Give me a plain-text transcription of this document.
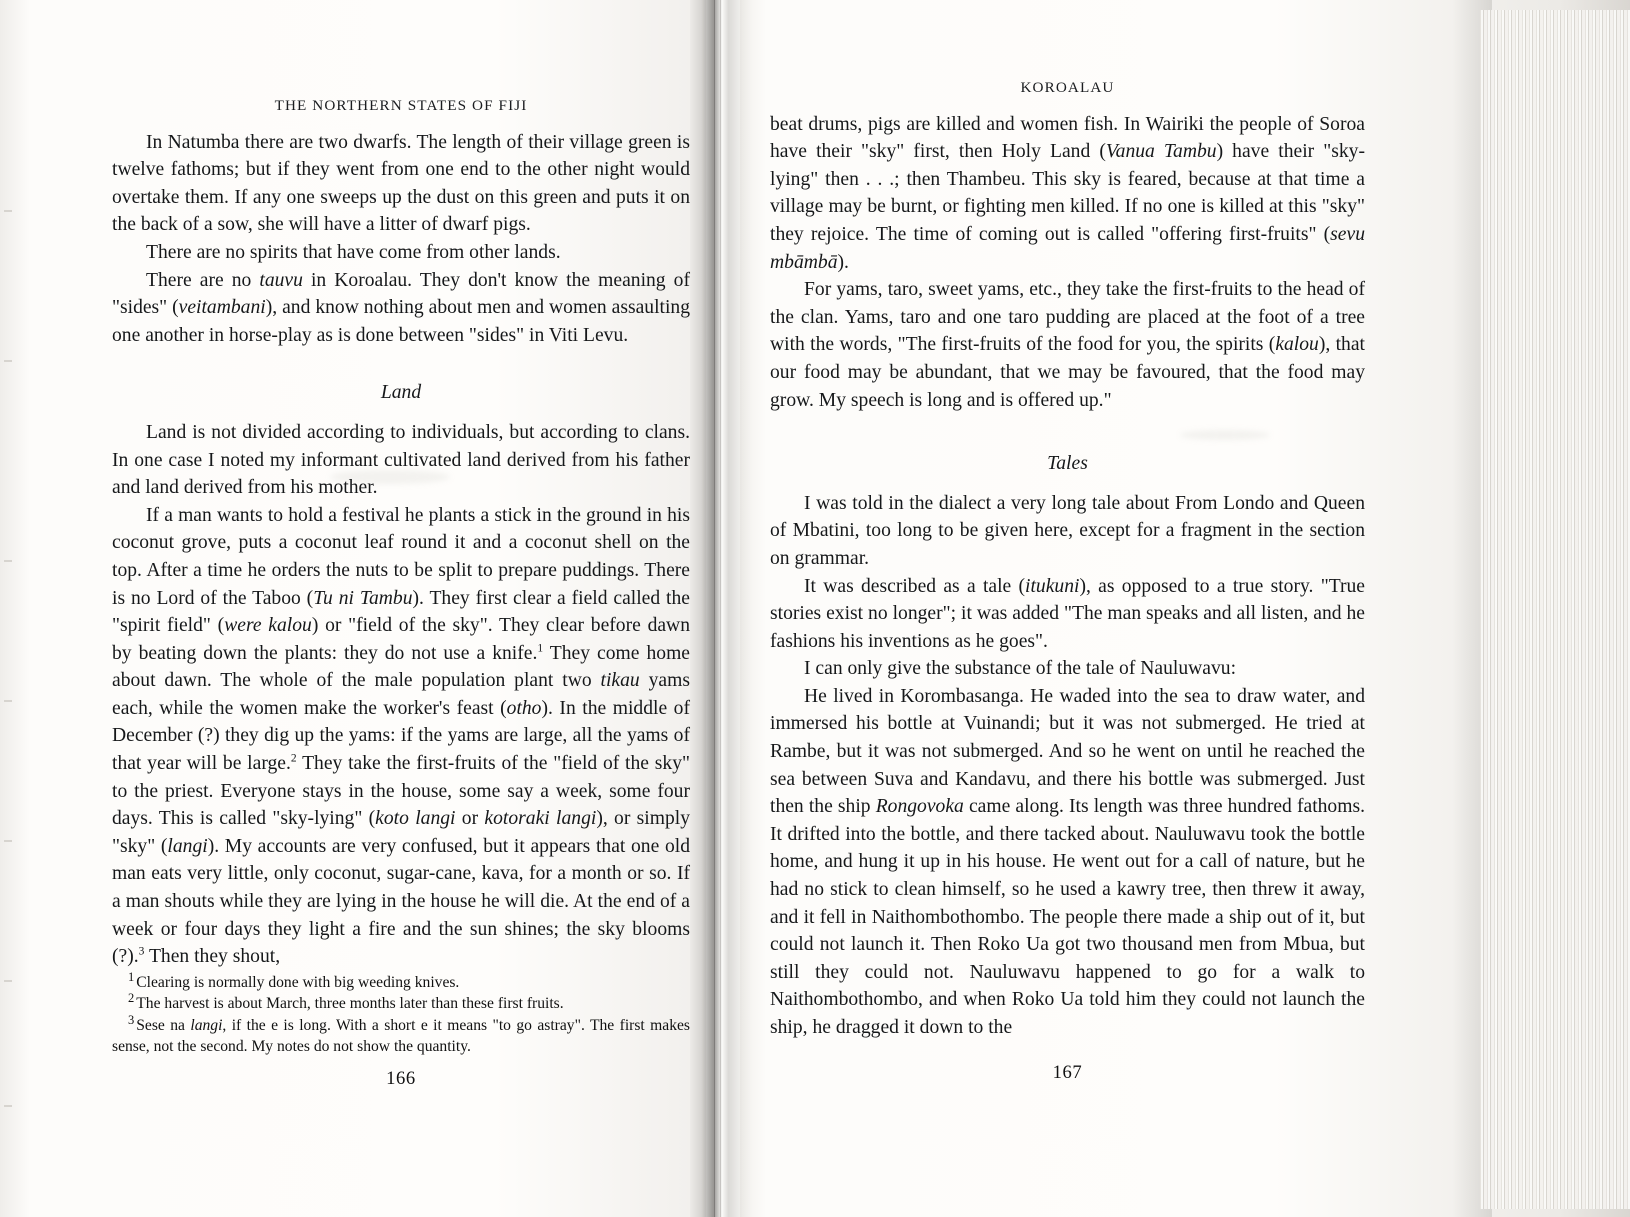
THE NORTHERN STATES OF FIJI

In Natumba there are two dwarfs. The length of their village green is twelve fathoms; but if they went from one end to the other night would overtake them. If any one sweeps up the dust on this green and puts it on the back of a sow, she will have a litter of dwarf pigs.

There are no spirits that have come from other lands.

There are no tauvu in Koroalau. They don't know the meaning of "sides" (veitambani), and know nothing about men and women assaulting one another in horse-play as is done between "sides" in Viti Levu.

Land

Land is not divided according to individuals, but according to clans. In one case I noted my informant cultivated land derived from his father and land derived from his mother.

If a man wants to hold a festival he plants a stick in the ground in his coconut grove, puts a coconut leaf round it and a coconut shell on the top. After a time he orders the nuts to be split to prepare puddings. There is no Lord of the Taboo (Tu ni Tambu). They first clear a field called the "spirit field" (were kalou) or "field of the sky". They clear before dawn by beating down the plants: they do not use a knife.$^1$ They come home about dawn. The whole of the male population plant two tikau yams each, while the women make the worker's feast (otho). In the middle of December (?) they dig up the yams: if the yams are large, all the yams of that year will be large.$^2$ They take the first-fruits of the "field of the sky" to the priest. Everyone stays in the house, some say a week, some four days. This is called "sky-lying" (koto langi or kotoraki langi), or simply "sky" (langi). My accounts are very confused, but it appears that one old man eats very little, only coconut, sugar-cane, kava, for a month or so. If a man shouts while they are lying in the house he will die. At the end of a week or four days they light a fire and the sun shines; the sky blooms (?).$^3$ Then they shout,

$^1$ Clearing is normally done with big weeding knives.

$^2$ The harvest is about March, three months later than these first fruits.

$^3$ Sese na langi, if the e is long. With a short e it means "to go astray". The first makes sense, not the second. My notes do not show the quantity.

166
KOROALAU

beat drums, pigs are killed and women fish. In Wairiki the people of Soroa have their "sky" first, then Holy Land (Vanua Tambu) have their "sky-lying" then . . .; then Thambeu. This sky is feared, because at that time a village may be burnt, or fighting men killed. If no one is killed at this "sky" they rejoice. The time of coming out is called "offering first-fruits" (sevu mbāmbā).

For yams, taro, sweet yams, etc., they take the first-fruits to the head of the clan. Yams, taro and one taro pudding are placed at the foot of a tree with the words, "The first-fruits of the food for you, the spirits (kalou), that our food may be abundant, that we may be favoured, that the food may grow. My speech is long and is offered up."

Tales

I was told in the dialect a very long tale about From Londo and Queen of Mbatini, too long to be given here, except for a fragment in the section on grammar.

It was described as a tale (itukuni), as opposed to a true story. "True stories exist no longer"; it was added "The man speaks and all listen, and he fashions his inventions as he goes".

I can only give the substance of the tale of Nauluwavu:

He lived in Korombasanga. He waded into the sea to draw water, and immersed his bottle at Vuinandi; but it was not submerged. He tried at Rambe, but it was not submerged. And so he went on until he reached the sea between Suva and Kandavu, and there his bottle was submerged. Just then the ship Rongovoka came along. Its length was three hundred fathoms. It drifted into the bottle, and there tacked about. Nauluwavu took the bottle home, and hung it up in his house. He went out for a call of nature, but he had no stick to clean himself, so he used a kawry tree, then threw it away, and it fell in Naithombothombo. The people there made a ship out of it, but could not launch it. Then Roko Ua got two thousand men from Mbua, but still they could not. Nauluwavu happened to go for a walk to Naithombothombo, and when Roko Ua told him they could not launch the ship, he dragged it down to the

167
